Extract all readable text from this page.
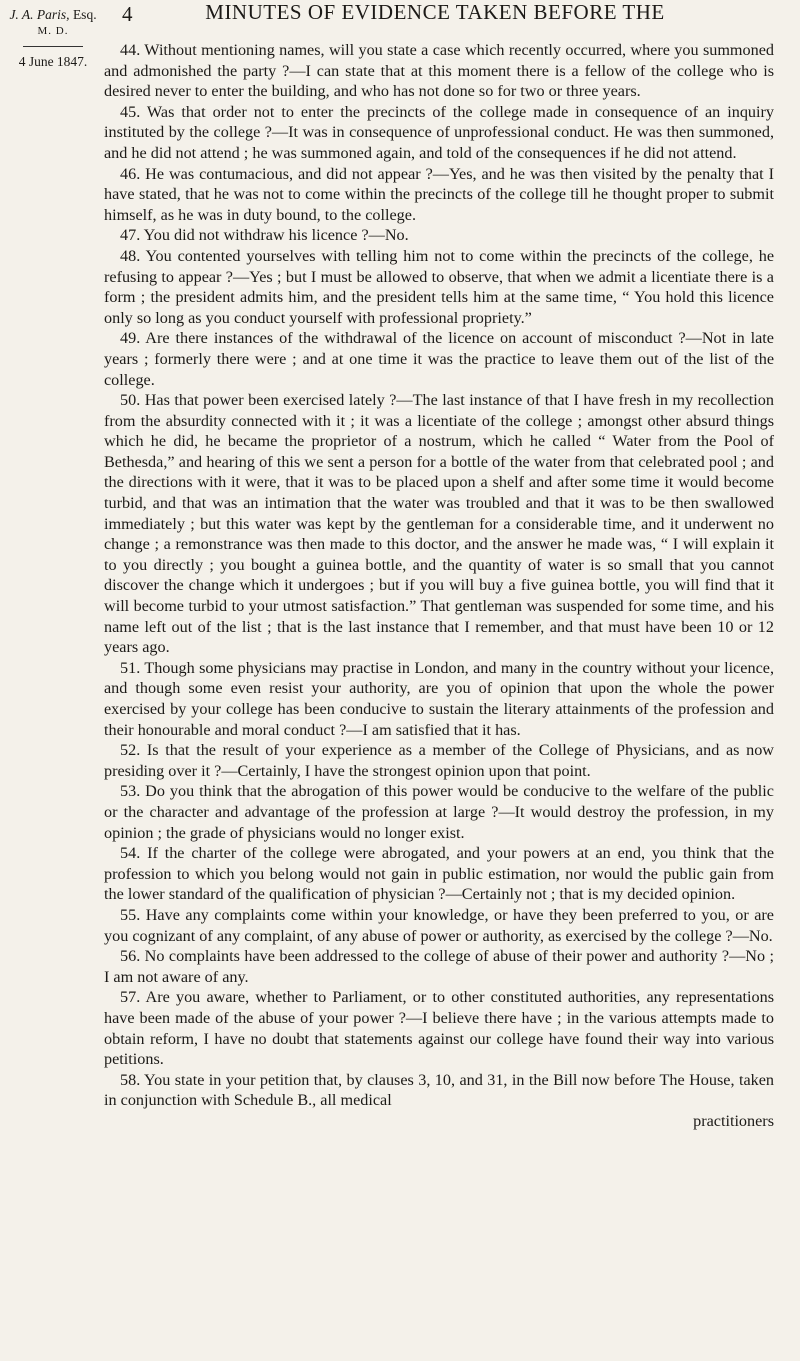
4	MINUTES OF EVIDENCE TAKEN BEFORE THE
J. A. Paris, Esq.
M. D.
4 June 1847.

44. Without mentioning names, will you state a case which recently occurred, where you summoned and admonished the party ?—I can state that at this moment there is a fellow of the college who is desired never to enter the building, and who has not done so for two or three years.

45. Was that order not to enter the precincts of the college made in consequence of an inquiry instituted by the college ?—It was in consequence of unprofessional conduct. He was then summoned, and he did not attend ; he was summoned again, and told of the consequences if he did not attend.

46. He was contumacious, and did not appear ?—Yes, and he was then visited by the penalty that I have stated, that he was not to come within the precincts of the college till he thought proper to submit himself, as he was in duty bound, to the college.

47. You did not withdraw his licence ?—No.

48. You contented yourselves with telling him not to come within the precincts of the college, he refusing to appear ?—Yes ; but I must be allowed to observe, that when we admit a licentiate there is a form ; the president admits him, and the president tells him at the same time, “ You hold this licence only so long as you conduct yourself with professional propriety.”

49. Are there instances of the withdrawal of the licence on account of misconduct ?—Not in late years ; formerly there were ; and at one time it was the practice to leave them out of the list of the college.

50. Has that power been exercised lately ?—The last instance of that I have fresh in my recollection from the absurdity connected with it ; it was a licentiate of the college ; amongst other absurd things which he did, he became the proprietor of a nostrum, which he called “ Water from the Pool of Bethesda,” and hearing of this we sent a person for a bottle of the water from that celebrated pool ; and the directions with it were, that it was to be placed upon a shelf and after some time it would become turbid, and that was an intimation that the water was troubled and that it was to be then swallowed immediately ; but this water was kept by the gentleman for a considerable time, and it underwent no change ; a remonstrance was then made to this doctor, and the answer he made was, “ I will explain it to you directly ; you bought a guinea bottle, and the quantity of water is so small that you cannot discover the change which it undergoes ; but if you will buy a five guinea bottle, you will find that it will become turbid to your utmost satisfaction.” That gentleman was suspended for some time, and his name left out of the list ; that is the last instance that I remember, and that must have been 10 or 12 years ago.

51. Though some physicians may practise in London, and many in the country without your licence, and though some even resist your authority, are you of opinion that upon the whole the power exercised by your college has been conducive to sustain the literary attainments of the profession and their honourable and moral conduct ?—I am satisfied that it has.

52. Is that the result of your experience as a member of the College of Physicians, and as now presiding over it ?—Certainly, I have the strongest opinion upon that point.

53. Do you think that the abrogation of this power would be conducive to the welfare of the public or the character and advantage of the profession at large ?—It would destroy the profession, in my opinion ; the grade of physicians would no longer exist.

54. If the charter of the college were abrogated, and your powers at an end, you think that the profession to which you belong would not gain in public estimation, nor would the public gain from the lower standard of the qualification of physician ?—Certainly not ; that is my decided opinion.

55. Have any complaints come within your knowledge, or have they been preferred to you, or are you cognizant of any complaint, of any abuse of power or authority, as exercised by the college ?—No.

56. No complaints have been addressed to the college of abuse of their power and authority ?—No ; I am not aware of any.

57. Are you aware, whether to Parliament, or to other constituted authorities, any representations have been made of the abuse of your power ?—I believe there have ; in the various attempts made to obtain reform, I have no doubt that statements against our college have found their way into various petitions.

58. You state in your petition that, by clauses 3, 10, and 31, in the Bill now before The House, taken in conjunction with Schedule B., all medical

practitioners
